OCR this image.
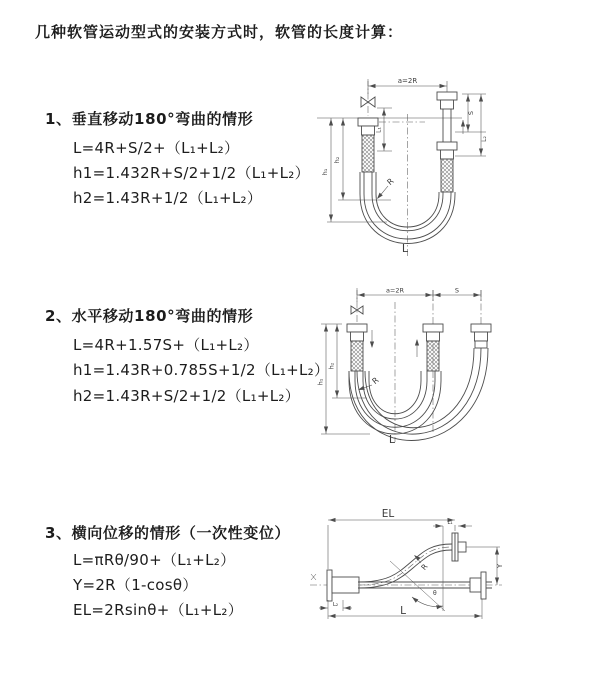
几种软管运动型式的安装方式时，软管的长度计算：
1、垂直移动180°弯曲的情形
L=4R+S/2+（L₁+L₂）
h1=1.432R+S/2+1/2（L₁+L₂）
h2=1.43R+1/2（L₁+L₂）
a=2R
h₁
h₂
L₁
S
L₂
R
L
2、水平移动180°弯曲的情形
L=4R+1.57S+（L₁+L₂）
h1=1.43R+0.785S+1/2（L₁+L₂）
h2=1.43R+S/2+1/2（L₁+L₂）
a=2R	S
h₁
h₂
R
L
3、横向位移的情形（一次性变位）
L=πRθ/90+（L₁+L₂）
Y=2R（1-cosθ）
EL=2Rsinθ+（L₁+L₂）
EL
L₁
Y
θ
R
L₂	L
